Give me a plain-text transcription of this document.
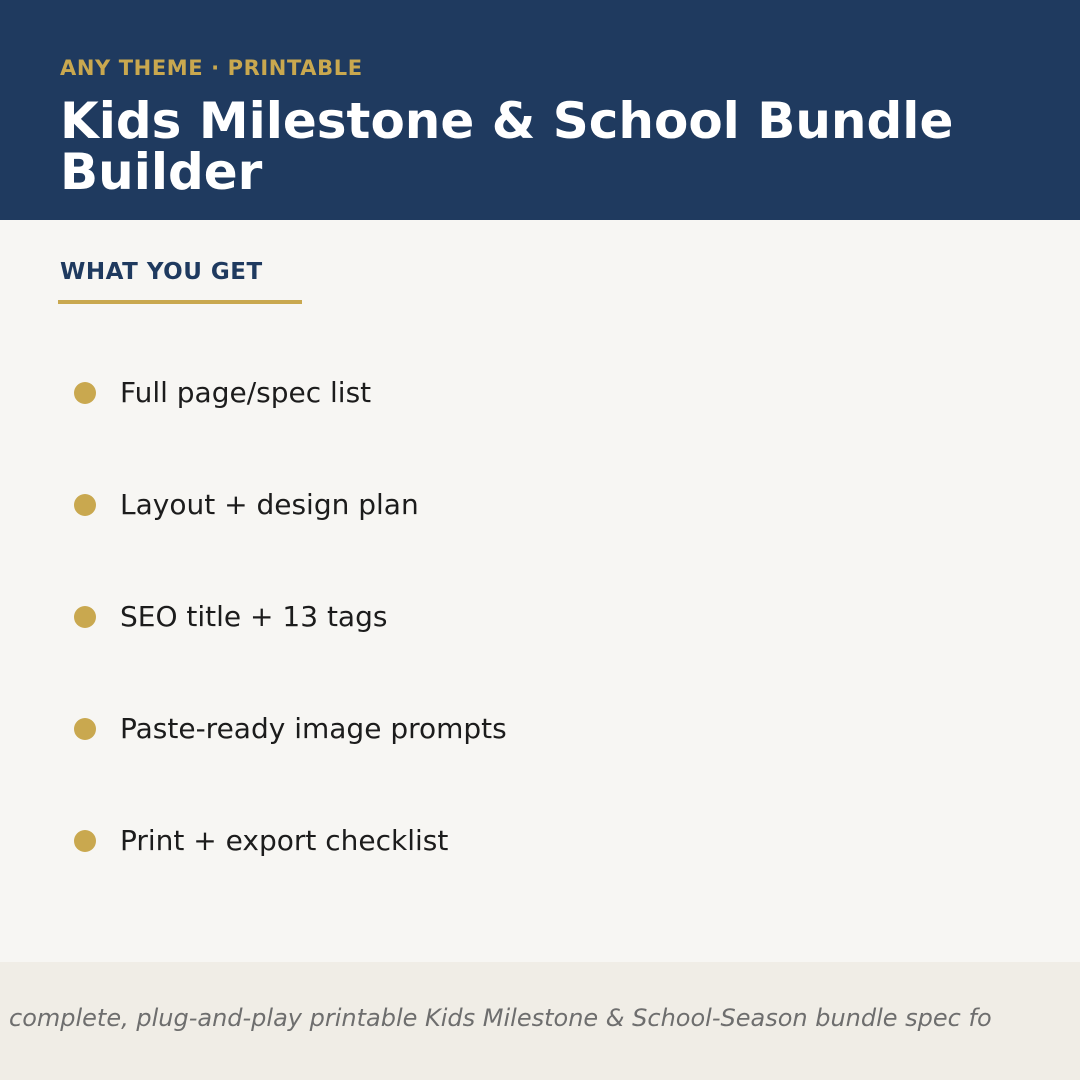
ANY THEME · PRINTABLE
Kids Milestone & School Bundle Builder
WHAT YOU GET
Full page/spec list
Layout + design plan
SEO title + 13 tags
Paste-ready image prompts
Print + export checklist
complete, plug-and-play printable Kids Milestone & School-Season bundle spec fo
